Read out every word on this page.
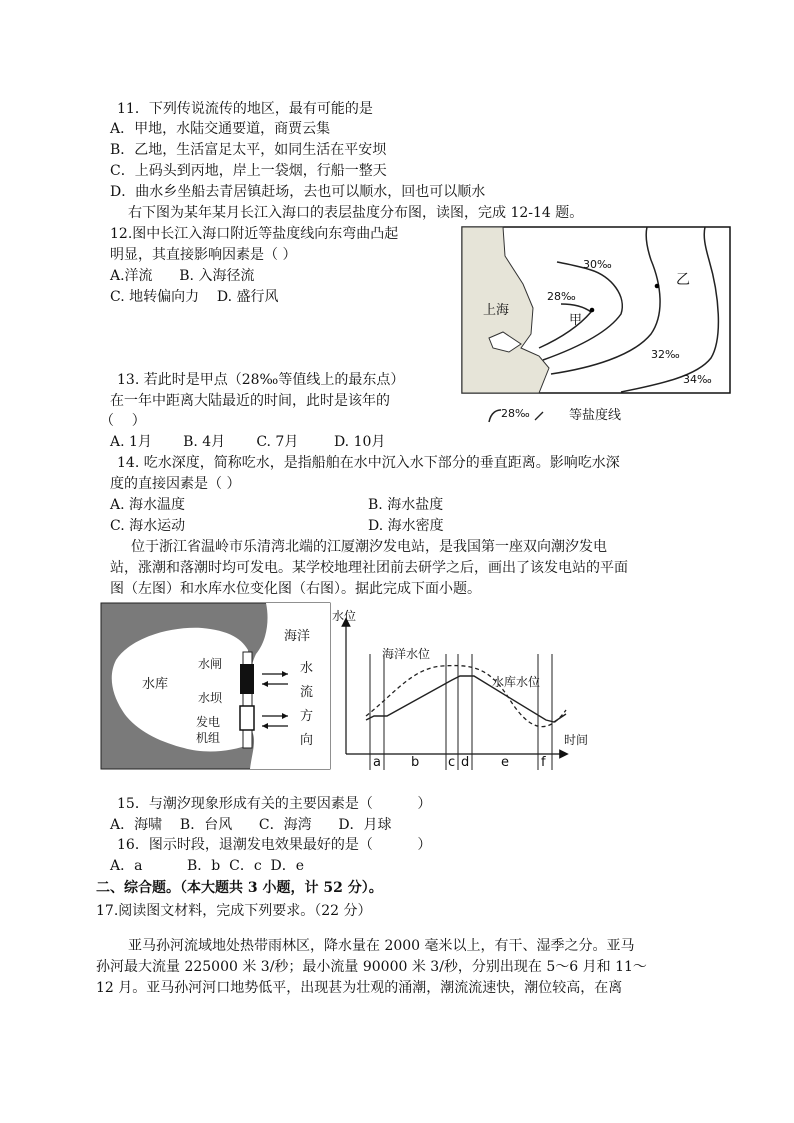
11．下列传说流传的地区，最有可能的是
A．甲地，水陆交通要道，商贾云集
B．乙地，生活富足太平，如同生活在平安坝
C．上码头到丙地，岸上一袋烟，行船一整天
D．曲水乡坐船去青居镇赶场，去也可以顺水，回也可以顺水
右下图为某年某月长江入海口的表层盐度分布图，读图，完成 12-14 题。
12.图中长江入海口附近等盐度线向东弯曲凸起
明显，其直接影响因素是（ ）
A.洋流      B. 入海径流
C. 地转偏向力    D. 盛行风
13. 若此时是甲点（28‰等值线上的最东点）
在一年中距离大陆最近的时间，此时是该年的
（    ）
A. 1月       B. 4月       C. 7月        D. 10月
14. 吃水深度，简称吃水，是指船舶在水中沉入水下部分的垂直距离。影响吃水深
度的直接因素是（ ）
A. 海水温度	B. 海水盐度
C. 海水运动	D. 海水密度
位于浙江省温岭市乐清湾北端的江厦潮汐发电站，是我国第一座双向潮汐发电
站，涨潮和落潮时均可发电。某学校地理社团前去研学之后，画出了该发电站的平面
图（左图）和水库水位变化图（右图）。据此完成下面小题。
15．与潮汐现象形成有关的主要因素是（          ）
A．海啸    B．台风      C．海湾      D．月球
16．图示时段，退潮发电效果最好的是（          ）
A．a          B．b  C．c  D．e
二、综合题。（本大题共 3 小题，计 52 分）。
17.阅读图文材料，完成下列要求。（22 分）
亚马孙河流域地处热带雨林区，降水量在 2000 毫米以上，有干、湿季之分。亚马
孙河最大流量 225000 米 3/秒；最小流量 90000 米 3/秒，分别出现在 5～6 月和 11～
12 月。亚马孙河河口地势低平，出现甚为壮观的涌潮，潮流流速快，潮位较高，在离
上海
甲
乙
28‰
30‰
32‰
34‰
28‰	等盐度线
海洋
水库
水闸
水坝
发电
机组
水
流
方
向
水位
时间
海洋水位
水库水位
a b c d e f
